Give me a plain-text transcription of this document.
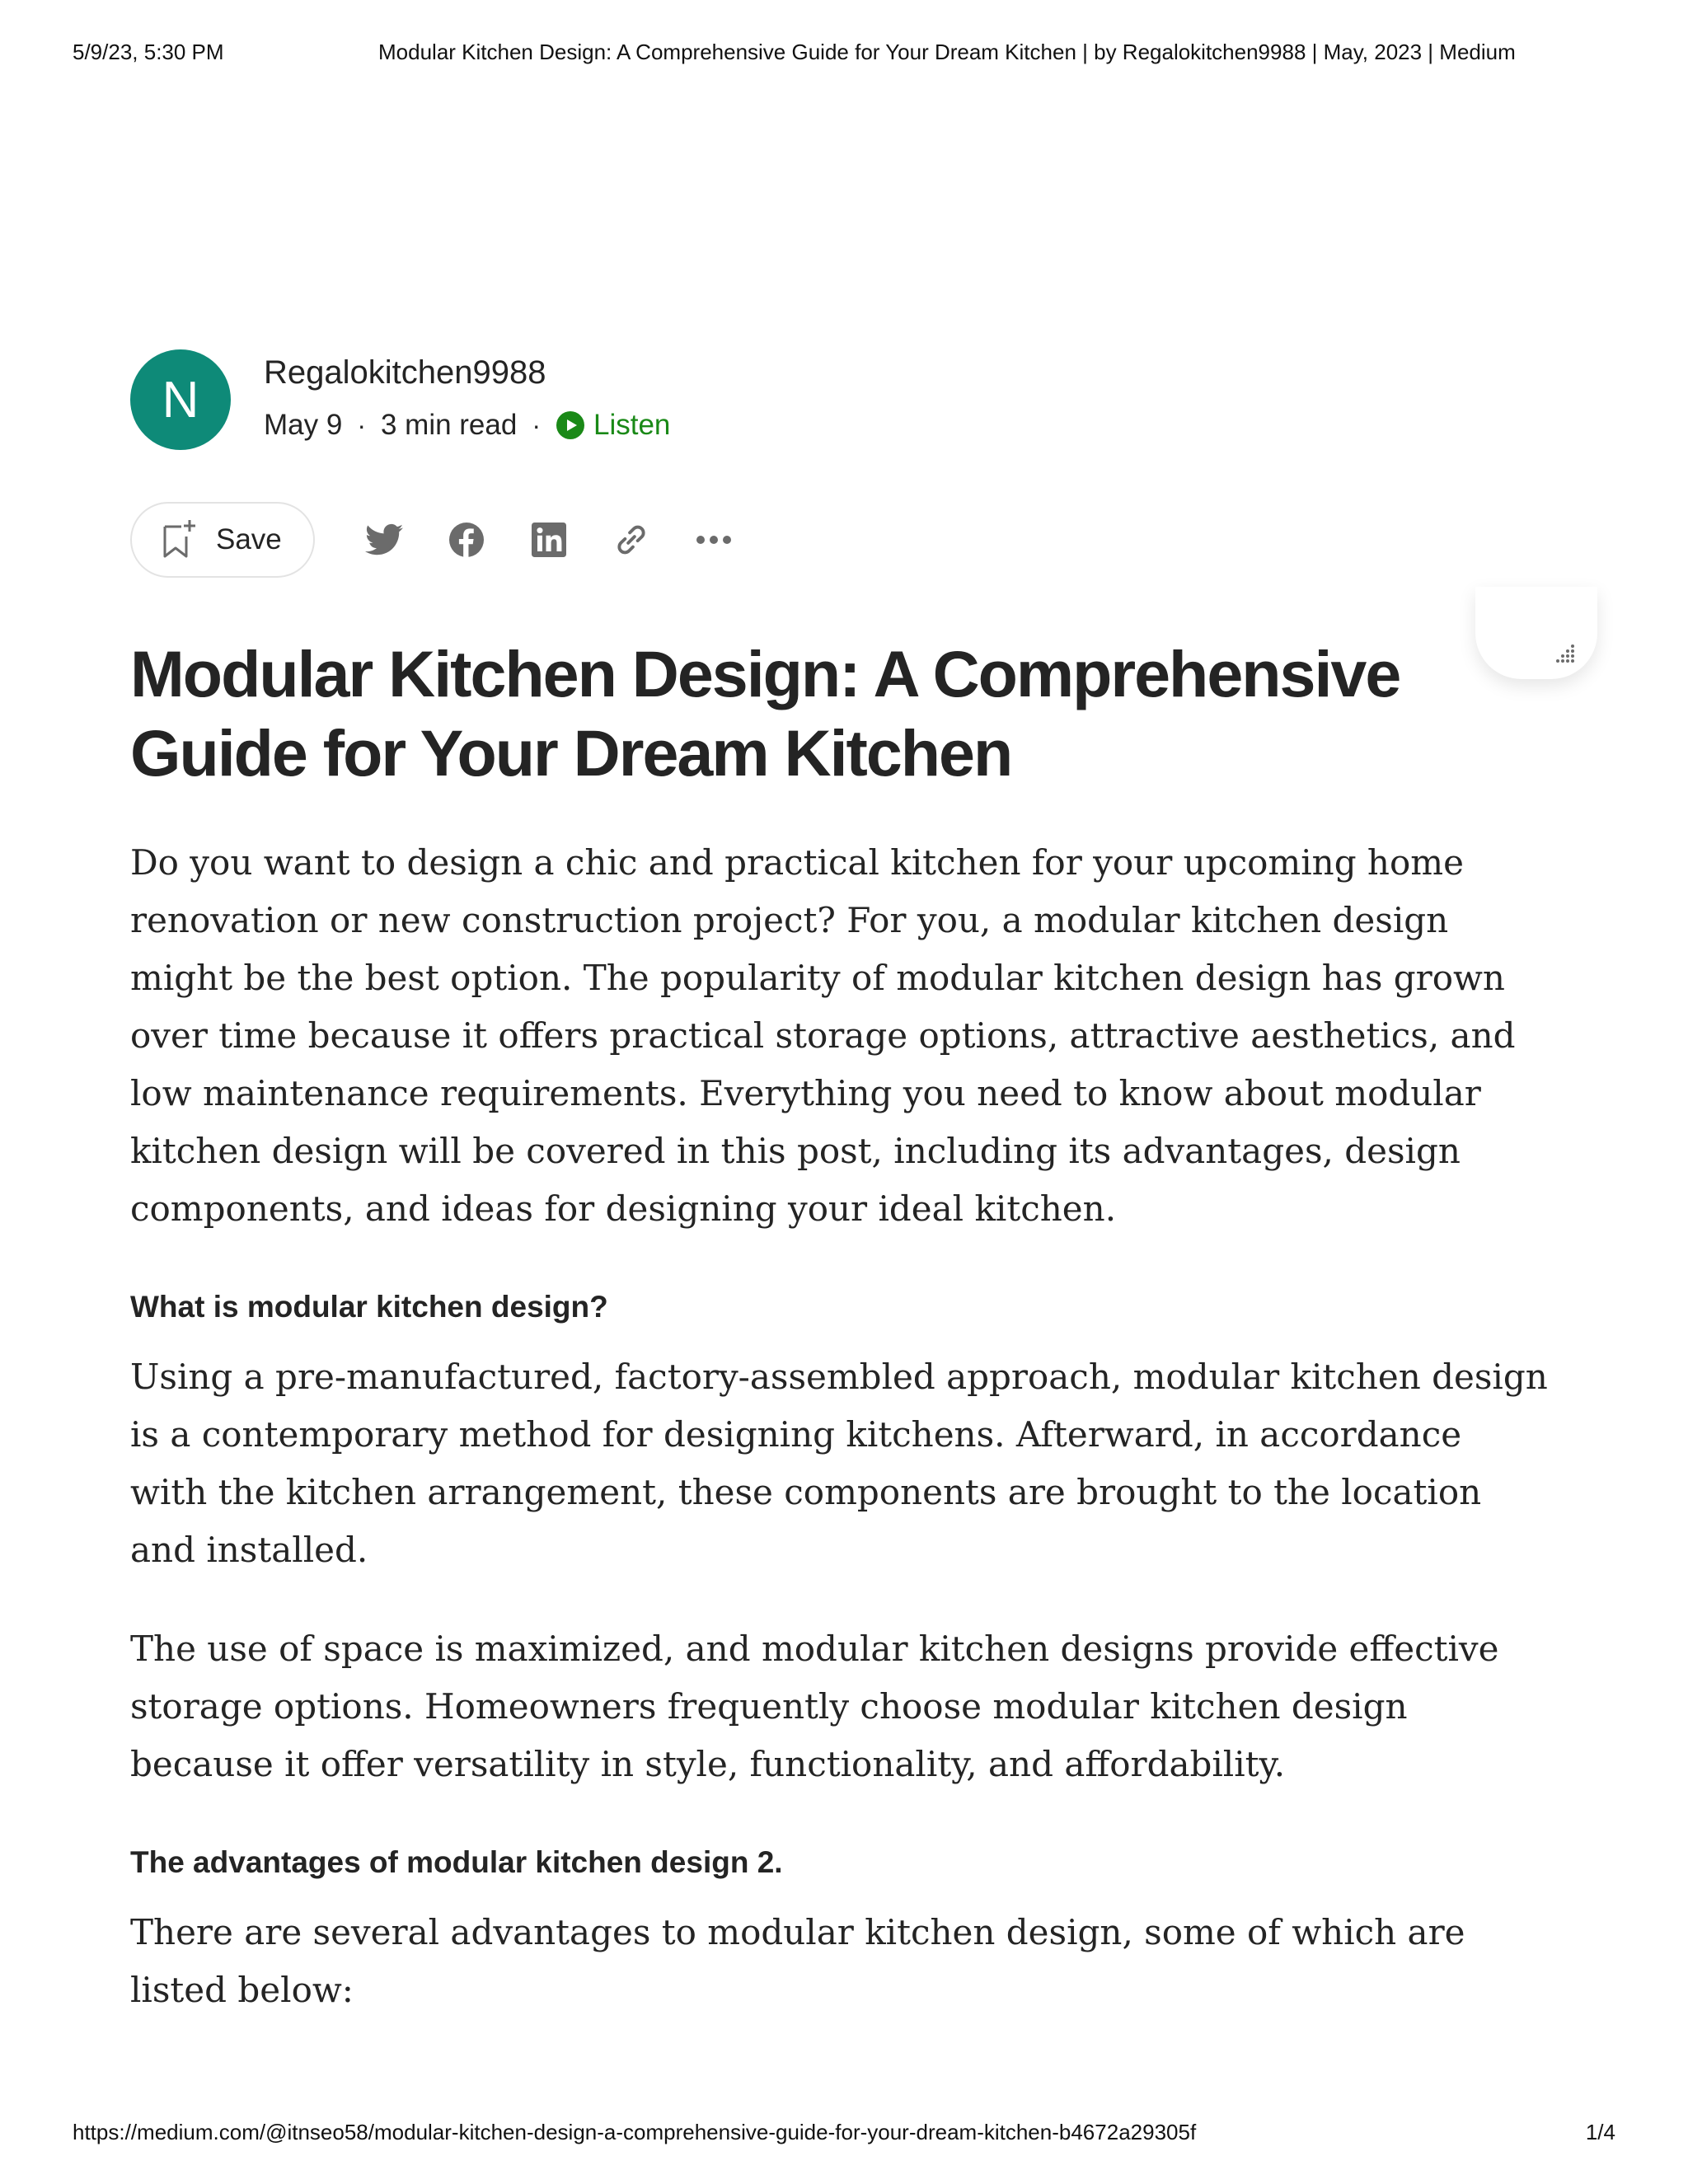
5/9/23, 5:30 PM	Modular Kitchen Design: A Comprehensive Guide for Your Dream Kitchen | by Regalokitchen9988 | May, 2023 | Medium
N Regalokitchen9988
May 9 · 3 min read · Listen
Save
Modular Kitchen Design: A Comprehensive Guide for Your Dream Kitchen

Do you want to design a chic and practical kitchen for your upcoming home renovation or new construction project? For you, a modular kitchen design might be the best option. The popularity of modular kitchen design has grown over time because it offers practical storage options, attractive aesthetics, and low maintenance requirements. Everything you need to know about modular kitchen design will be covered in this post, including its advantages, design components, and ideas for designing your ideal kitchen.

What is modular kitchen design?

Using a pre-manufactured, factory-assembled approach, modular kitchen design is a contemporary method for designing kitchens. Afterward, in accordance with the kitchen arrangement, these components are brought to the location and installed.

The use of space is maximized, and modular kitchen designs provide effective storage options. Homeowners frequently choose modular kitchen design because it offer versatility in style, functionality, and affordability.

The advantages of modular kitchen design 2.

There are several advantages to modular kitchen design, some of which are listed below:

https://medium.com/@itnseo58/modular-kitchen-design-a-comprehensive-guide-for-your-dream-kitchen-b4672a29305f	1/4
